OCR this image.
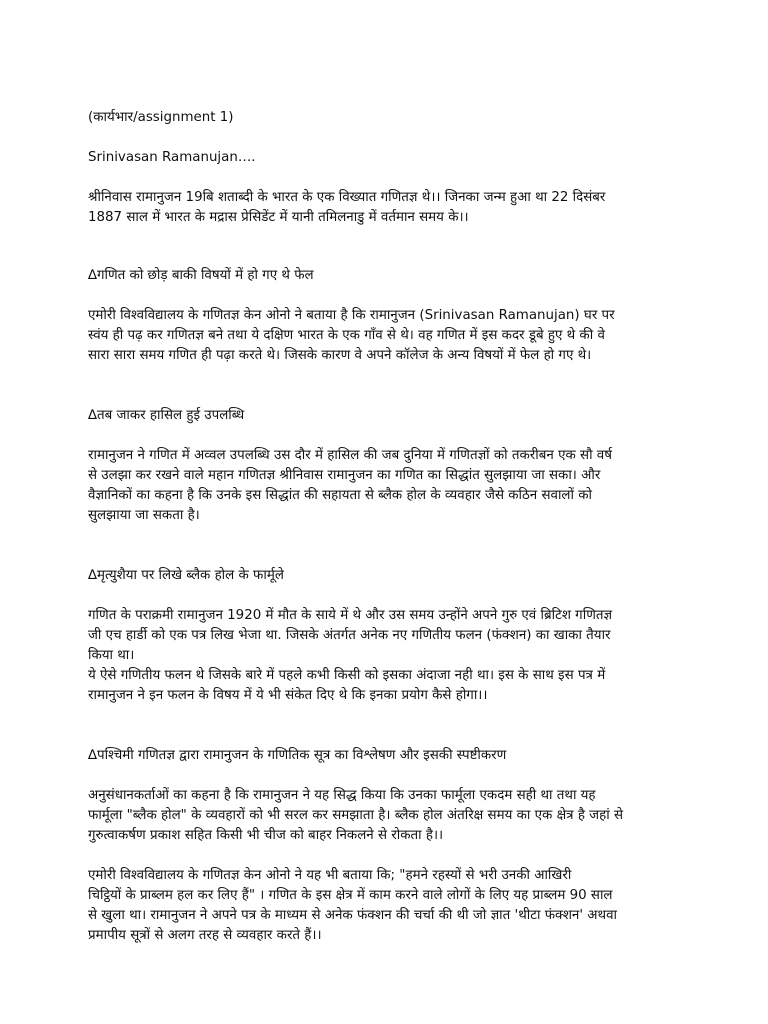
(कार्यभार/assignment 1)

Srinivasan Ramanujan….

श्रीनिवास रामानुजन 19बि शताब्दी के भारत के एक विख्यात गणितज्ञ थे।। जिनका जन्म हुआ था 22 दिसंबर
1887 साल में भारत के मद्रास प्रेसिडेंट में यानी तमिलनाडु में वर्तमान समय के।।

∆गणित को छोड़ बाकी विषयों में हो गए थे फेल

एमोरी विश्वविद्यालय के गणितज्ञ केन ओनो ने बताया है कि रामानुजन (Srinivasan Ramanujan) घर पर
स्वंय ही पढ़ कर गणितज्ञ बने तथा ये दक्षिण भारत के एक गाँव से थे। वह गणित में इस कदर डूबे हुए थे की वे
सारा सारा समय गणित ही पढ़ा करते थे। जिसके कारण वे अपने कॉलेज के अन्य विषयों में फेल हो गए थे।

∆तब जाकर हासिल हुई उपलब्धि

रामानुजन ने गणित में अव्वल उपलब्धि उस दौर में हासिल की जब दुनिया में गणितज्ञों को तकरीबन एक सौ वर्ष
से उलझा कर रखने वाले महान गणितज्ञ श्रीनिवास रामानुजन का गणित का सिद्धांत सुलझाया जा सका। और
वैज्ञानिकों का कहना है कि उनके इस सिद्धांत की सहायता से ब्लैक होल के व्यवहार जैसे कठिन सवालों को
सुलझाया जा सकता है।

∆मृत्युशैया पर लिखे ब्लैक होल के फार्मूले

गणित के पराक्रमी रामानुजन 1920 में मौत के साये में थे और उस समय उन्होंने अपने गुरु एवं ब्रिटिश गणितज्ञ
जी एच हार्डी को एक पत्र लिख भेजा था. जिसके अंतर्गत अनेक नए गणितीय फलन (फंक्शन) का खाका तैयार
किया था।
ये ऐसे गणितीय फलन थे जिसके बारे में पहले कभी किसी को इसका अंदाजा नही था। इस के साथ इस पत्र में
रामानुजन ने इन फलन के विषय में ये भी संकेत दिए थे कि इनका प्रयोग कैसे होगा।।

∆पश्चिमी गणितज्ञ द्वारा रामानुजन के गणितिक सूत्र का विश्लेषण और इसकी स्पष्टीकरण

अनुसंधानकर्ताओं का कहना है कि रामानुजन ने यह सिद्ध किया कि उनका फार्मूला एकदम सही था तथा यह
फार्मूला "ब्लैक होल" के व्यवहारों को भी सरल कर समझाता है। ब्लैक होल अंतरिक्ष समय का एक क्षेत्र है जहां से
गुरुत्वाकर्षण प्रकाश सहित किसी भी चीज को बाहर निकलने से रोकता है।।

एमोरी विश्वविद्यालय के गणितज्ञ केन ओनो ने यह भी बताया कि; "हमने रहस्यों से भरी उनकी आखिरी
चिट्ठियों के प्राब्लम हल कर लिए हैं" । गणित के इस क्षेत्र में काम करने वाले लोगों के लिए यह प्राब्लम 90 साल
से खुला था। रामानुजन ने अपने पत्र के माध्यम से अनेक फंक्शन की चर्चा की थी जो ज्ञात 'थीटा फंक्शन' अथवा
प्रमापीय सूत्रों से अलग तरह से व्यवहार करते हैं।।
